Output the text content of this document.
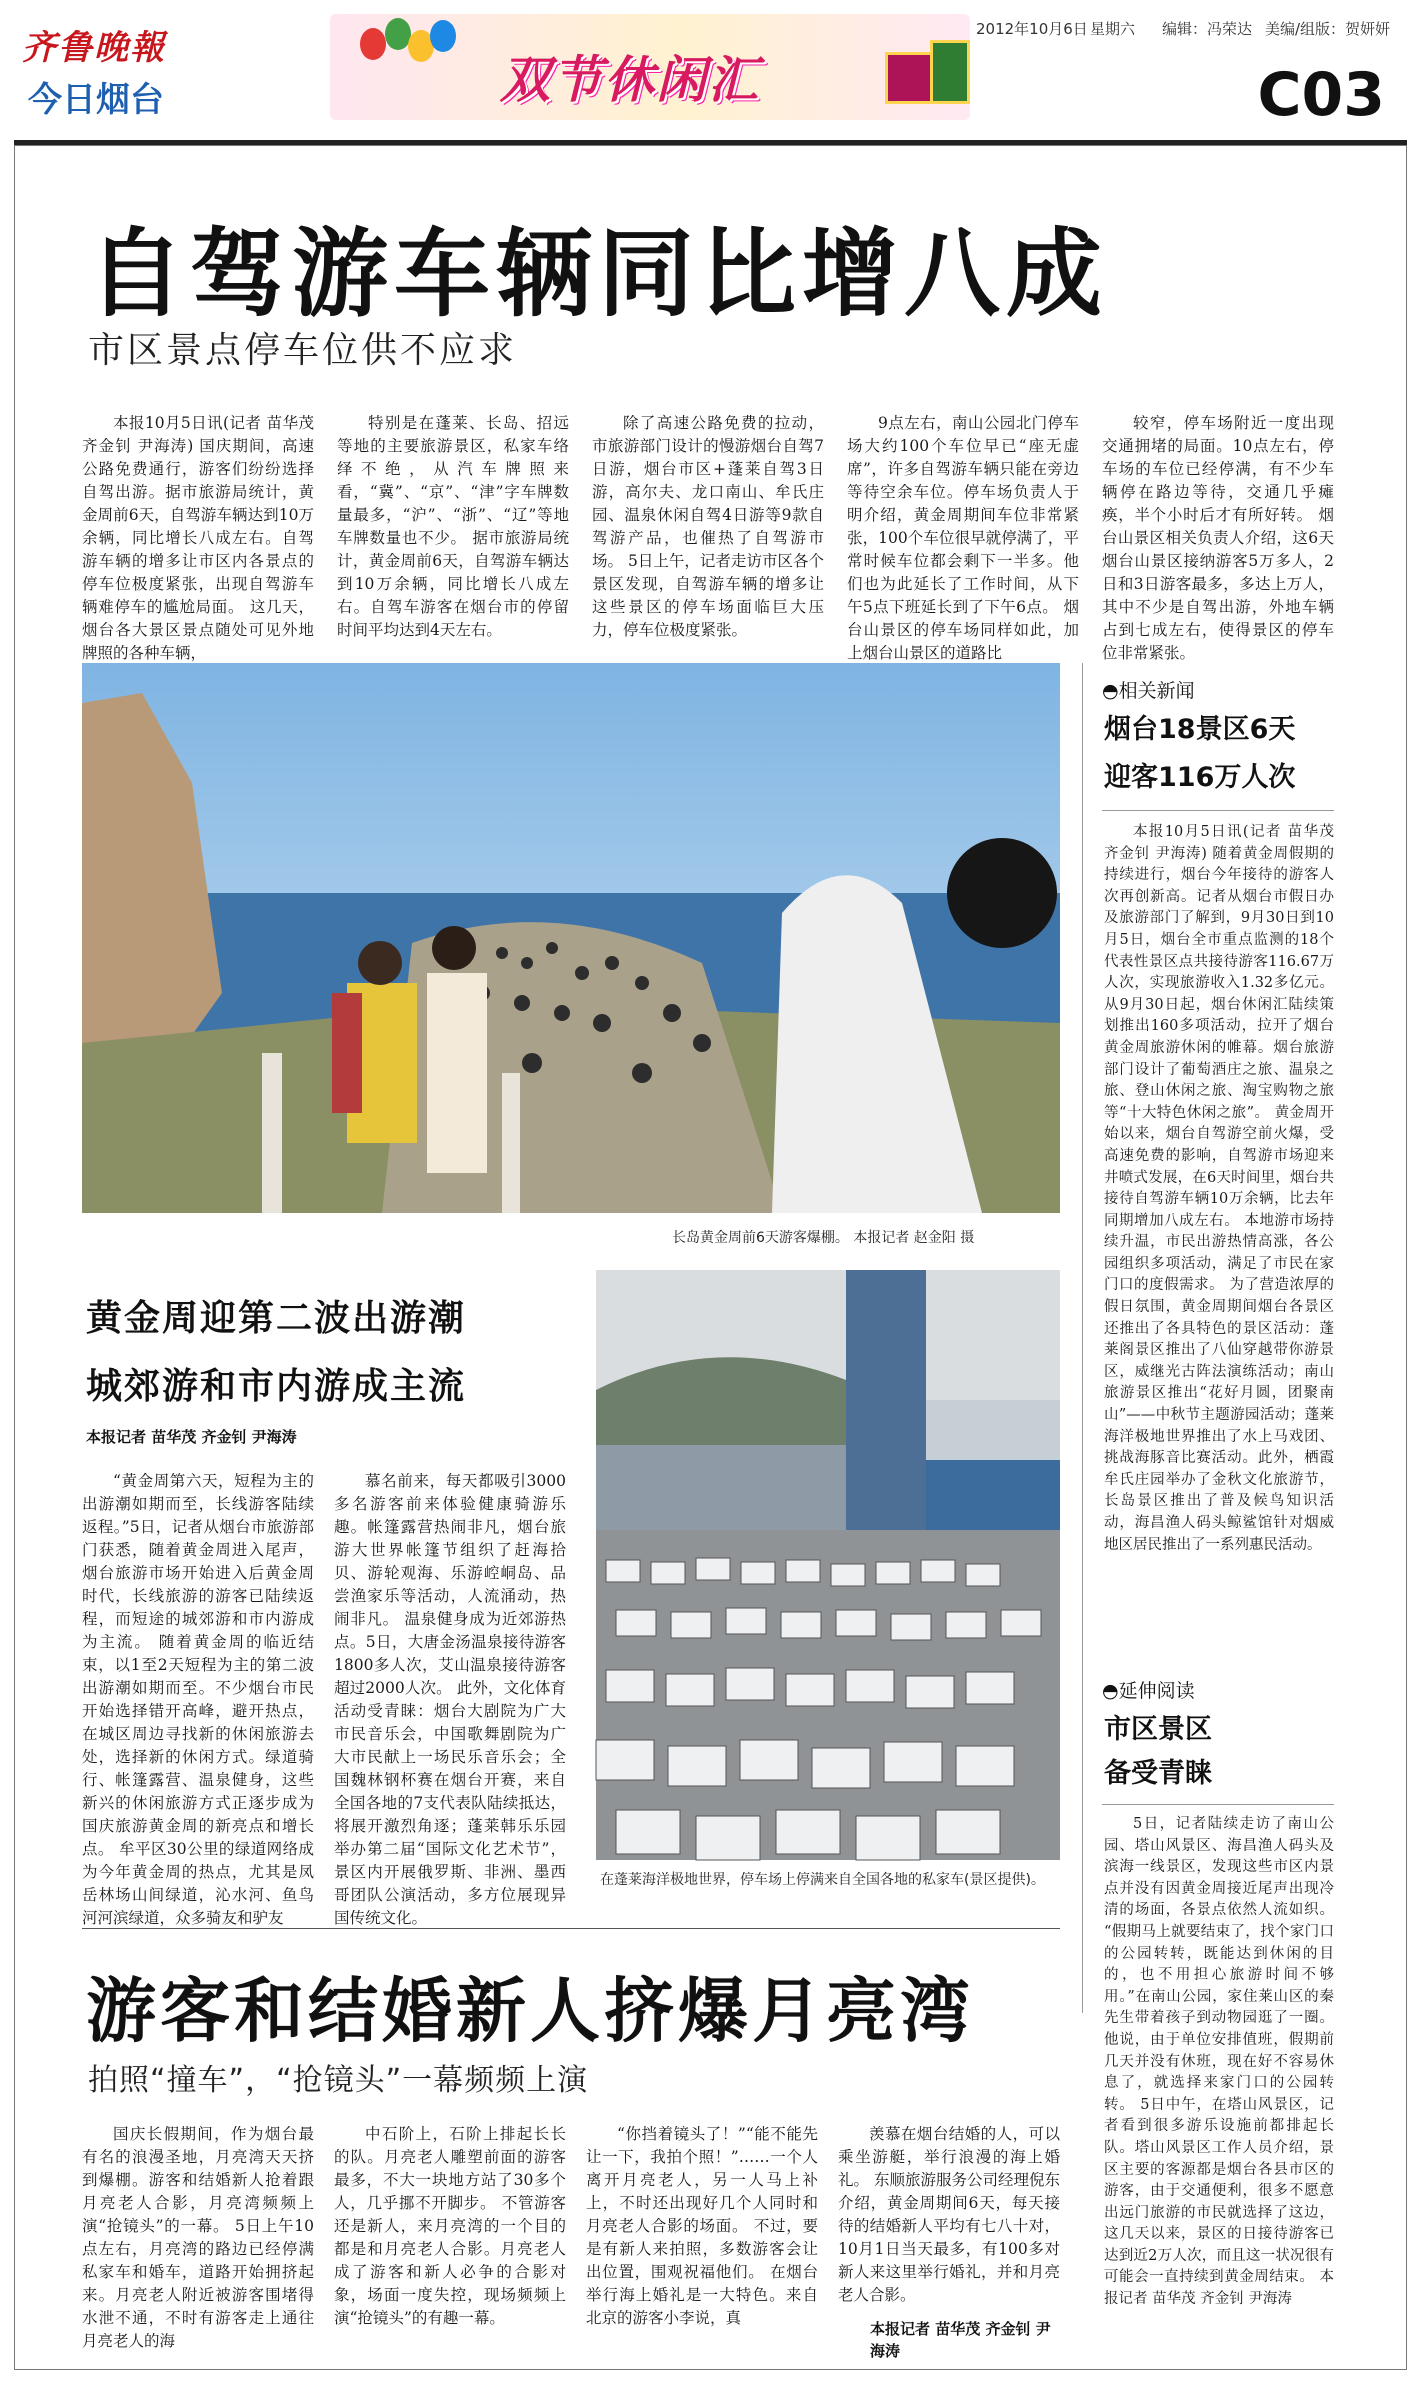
齐鲁晚報
今日烟台	双节休闲汇
2012年10月6日 星期六 编辑：冯荣达 美编/组版：贺妍妍
C03
自驾游车辆同比增八成
市区景点停车位供不应求

本报10月5日讯(记者 苗华茂 齐金钊 尹海涛) 国庆期间，高速公路免费通行，游客们纷纷选择自驾出游。据市旅游局统计，黄金周前6天，自驾游车辆达到10万余辆，同比增长八成左右。自驾游车辆的增多让市区内各景点的停车位极度紧张，出现自驾游车辆难停车的尴尬局面。 这几天，烟台各大景区景点随处可见外地牌照的各种车辆，

特别是在蓬莱、长岛、招远等地的主要旅游景区，私家车络绎不绝，从汽车牌照来看，“冀”、“京”、“津”字车牌数量最多，“沪”、“浙”、“辽”等地车牌数量也不少。 据市旅游局统计，黄金周前6天，自驾游车辆达到10万余辆，同比增长八成左右。自驾车游客在烟台市的停留时间平均达到4天左右。

除了高速公路免费的拉动，市旅游部门设计的慢游烟台自驾7日游，烟台市区+蓬莱自驾3日游，高尔夫、龙口南山、牟氏庄园、温泉休闲自驾4日游等9款自驾游产品，也催热了自驾游市场。 5日上午，记者走访市区各个景区发现，自驾游车辆的增多让这些景区的停车场面临巨大压力，停车位极度紧张。

9点左右，南山公园北门停车场大约100个车位早已“座无虚席”，许多自驾游车辆只能在旁边等待空余车位。停车场负责人于明介绍，黄金周期间车位非常紧张，100个车位很早就停满了，平常时候车位都会剩下一半多。他们也为此延长了工作时间，从下午5点下班延长到了下午6点。 烟台山景区的停车场同样如此，加上烟台山景区的道路比

较窄，停车场附近一度出现交通拥堵的局面。10点左右，停车场的车位已经停满，有不少车辆停在路边等待，交通几乎瘫痪，半个小时后才有所好转。 烟台山景区相关负责人介绍，这6天烟台山景区接纳游客5万多人，2日和3日游客最多，多达上万人，其中不少是自驾出游，外地车辆占到七成左右，使得景区的停车位非常紧张。

长岛黄金周前6天游客爆棚。 本报记者 赵金阳 摄
◓相关新闻
烟台18景区6天
迎客116万人次

本报10月5日讯(记者 苗华茂 齐金钊 尹海涛) 随着黄金周假期的持续进行，烟台今年接待的游客人次再创新高。记者从烟台市假日办及旅游部门了解到，9月30日到10月5日，烟台全市重点监测的18个代表性景区点共接待游客116.67万人次，实现旅游收入1.32多亿元。 从9月30日起，烟台休闲汇陆续策划推出160多项活动，拉开了烟台黄金周旅游休闲的帷幕。烟台旅游部门设计了葡萄酒庄之旅、温泉之旅、登山休闲之旅、淘宝购物之旅等“十大特色休闲之旅”。 黄金周开始以来，烟台自驾游空前火爆，受高速免费的影响，自驾游市场迎来井喷式发展，在6天时间里，烟台共接待自驾游车辆10万余辆，比去年同期增加八成左右。 本地游市场持续升温，市民出游热情高涨，各公园组织多项活动，满足了市民在家门口的度假需求。 为了营造浓厚的假日氛围，黄金周期间烟台各景区还推出了各具特色的景区活动：蓬莱阁景区推出了八仙穿越带你游景区，威继光古阵法演练活动；南山旅游景区推出“花好月圆，团聚南山”——中秋节主题游园活动；蓬莱海洋极地世界推出了水上马戏团、挑战海豚音比赛活动。此外，栖霞牟氏庄园举办了金秋文化旅游节，长岛景区推出了普及候鸟知识活动，海昌渔人码头鲸鲨馆针对烟威地区居民推出了一系列惠民活动。

◓延伸阅读
市区景区
备受青睐

5日，记者陆续走访了南山公园、塔山风景区、海昌渔人码头及滨海一线景区，发现这些市区内景点并没有因黄金周接近尾声出现冷清的场面，各景点依然人流如织。 “假期马上就要结束了，找个家门口的公园转转，既能达到休闲的目的，也不用担心旅游时间不够用。”在南山公园，家住莱山区的秦先生带着孩子到动物园逛了一圈。他说，由于单位安排值班，假期前几天并没有休班，现在好不容易休息了，就选择来家门口的公园转转。 5日中午，在塔山风景区，记者看到很多游乐设施前都排起长队。塔山风景区工作人员介绍，景区主要的客源都是烟台各县市区的游客，由于交通便利，很多不愿意出远门旅游的市民就选择了这边，这几天以来，景区的日接待游客已达到近2万人次，而且这一状况很有可能会一直持续到黄金周结束。 本报记者 苗华茂 齐金钊 尹海涛

黄金周迎第二波出游潮
城郊游和市内游成主流
本报记者 苗华茂 齐金钊 尹海涛

“黄金周第六天，短程为主的出游潮如期而至，长线游客陆续返程。”5日，记者从烟台市旅游部门获悉，随着黄金周进入尾声，烟台旅游市场开始进入后黄金周时代，长线旅游的游客已陆续返程，而短途的城郊游和市内游成为主流。 随着黄金周的临近结束，以1至2天短程为主的第二波出游潮如期而至。不少烟台市民开始选择错开高峰，避开热点，在城区周边寻找新的休闲旅游去处，选择新的休闲方式。绿道骑行、帐篷露营、温泉健身，这些新兴的休闲旅游方式正逐步成为国庆旅游黄金周的新亮点和增长点。 牟平区30公里的绿道网络成为今年黄金周的热点，尤其是凤岳林场山间绿道，沁水河、鱼鸟河河滨绿道，众多骑友和驴友

慕名前来，每天都吸引3000多名游客前来体验健康骑游乐趣。帐篷露营热闹非凡，烟台旅游大世界帐篷节组织了赶海拾贝、游轮观海、乐游崆峒岛、品尝渔家乐等活动，人流涌动，热闹非凡。 温泉健身成为近郊游热点。5日，大唐金汤温泉接待游客1800多人次，艾山温泉接待游客超过2000人次。 此外，文化体育活动受青睐：烟台大剧院为广大市民音乐会，中国歌舞剧院为广大市民献上一场民乐音乐会；全国魏林钢杯赛在烟台开赛，来自全国各地的7支代表队陆续抵达，将展开激烈角逐；蓬莱韩乐乐园举办第二届“国际文化艺术节”，景区内开展俄罗斯、非洲、墨西哥团队公演活动，多方位展现异国传统文化。

在蓬莱海洋极地世界，停车场上停满来自全国各地的私家车(景区提供)。
游客和结婚新人挤爆月亮湾
拍照“撞车”，“抢镜头”一幕频频上演

国庆长假期间，作为烟台最有名的浪漫圣地，月亮湾天天挤到爆棚。游客和结婚新人抢着跟月亮老人合影，月亮湾频频上演“抢镜头”的一幕。 5日上午10点左右，月亮湾的路边已经停满私家车和婚车，道路开始拥挤起来。月亮老人附近被游客围堵得水泄不通，不时有游客走上通往月亮老人的海

中石阶上，石阶上排起长长的队。月亮老人雕塑前面的游客最多，不大一块地方站了30多个人，几乎挪不开脚步。 不管游客还是新人，来月亮湾的一个目的都是和月亮老人合影。月亮老人成了游客和新人必争的合影对象，场面一度失控，现场频频上演“抢镜头”的有趣一幕。

“你挡着镜头了！”“能不能先让一下，我拍个照！”……一个人离开月亮老人，另一人马上补上，不时还出现好几个人同时和月亮老人合影的场面。 不过，要是有新人来拍照，多数游客会让出位置，围观祝福他们。 在烟台举行海上婚礼是一大特色。来自北京的游客小李说，真

羡慕在烟台结婚的人，可以乘坐游艇，举行浪漫的海上婚礼。 东顺旅游服务公司经理倪东介绍，黄金周期间6天，每天接待的结婚新人平均有七八十对，10月1日当天最多，有100多对新人来这里举行婚礼，并和月亮老人合影。

本报记者 苗华茂 齐金钊 尹海涛
